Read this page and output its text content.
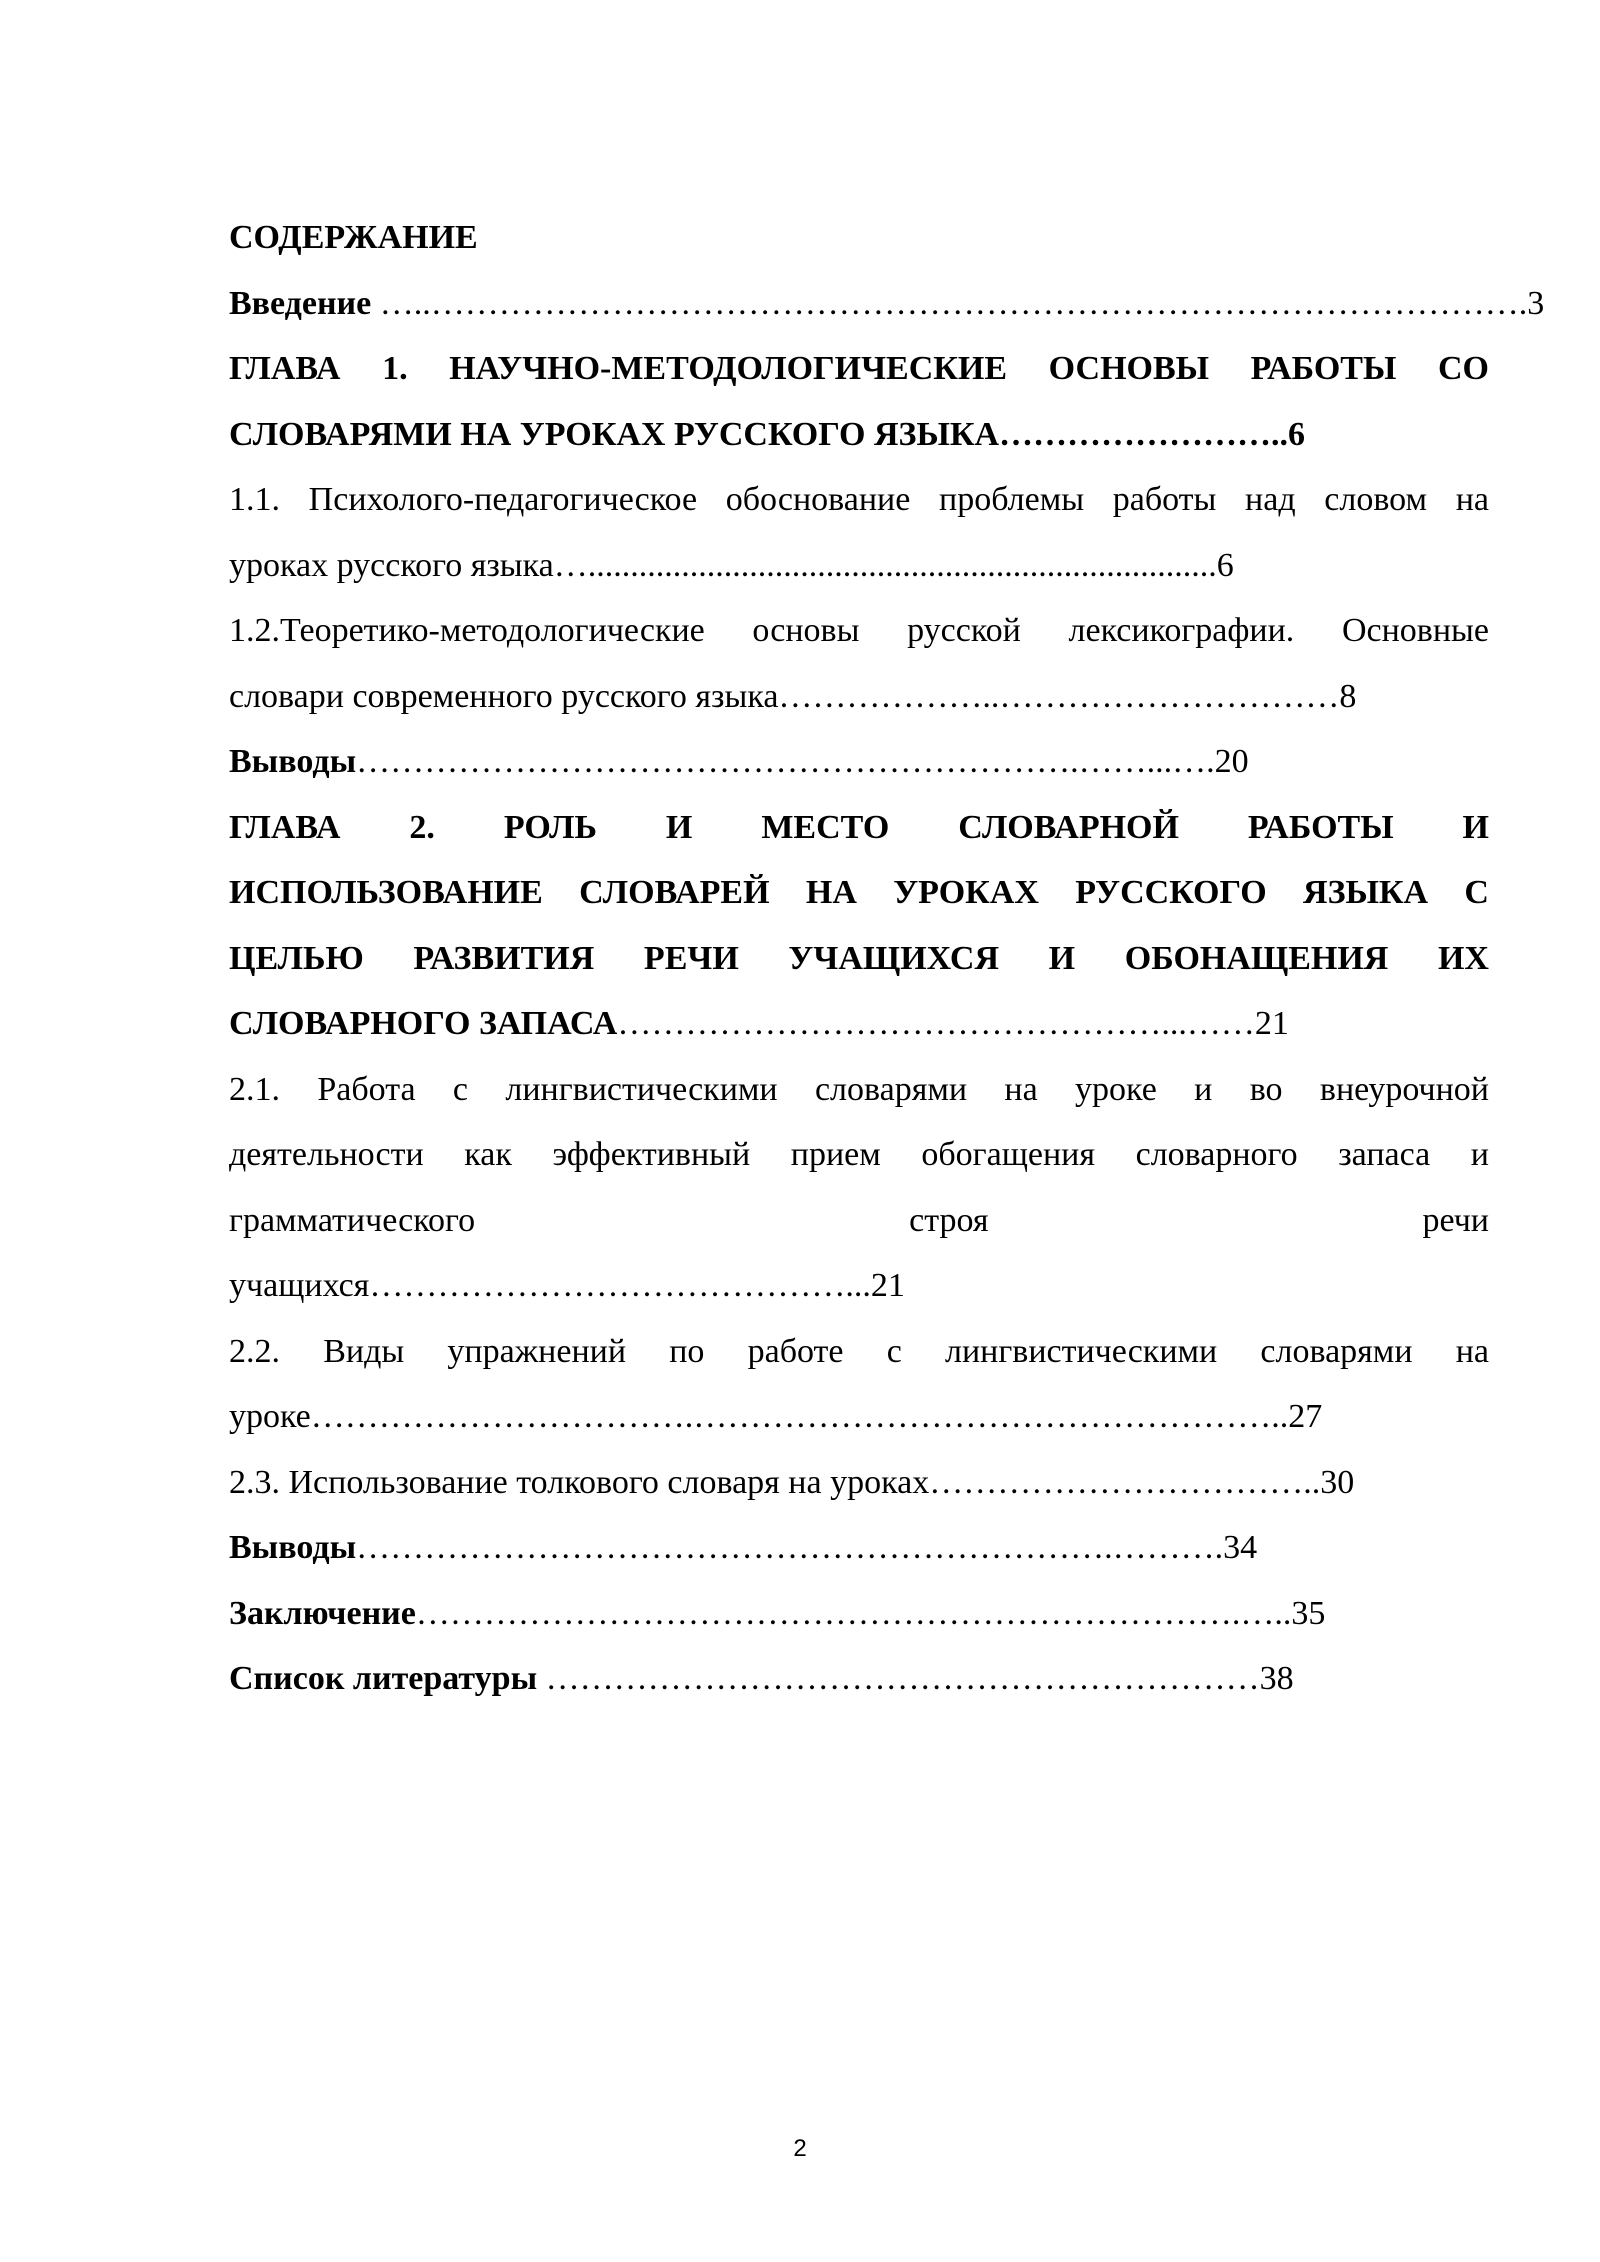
СОДЕРЖАНИЕ
Введение …..…………………………………………………………………………………….3
ГЛАВА 1. НАУЧНО-МЕТОДОЛОГИЧЕСКИЕ ОСНОВЫ РАБОТЫ СО
СЛОВАРЯМИ НА УРОКАХ РУССКОГО ЯЗЫКА……………………..6
1.1. Психолого-педагогическое обоснование проблемы работы над словом на
уроках русского языка…..........................................................................6
1.2.Теоретико-методологические основы русской лексикографии. Основные
словари современного русского языка………………..…………………………8
Выводы……………………………………………………….……...….20
ГЛАВА 2. РОЛЬ И МЕСТО СЛОВАРНОЙ РАБОТЫ И
ИСПОЛЬЗОВАНИЕ СЛОВАРЕЙ НА УРОКАХ РУССКОГО ЯЗЫКА С
ЦЕЛЬЮ РАЗВИТИЯ РЕЧИ УЧАЩИХСЯ И ОБОНАЩЕНИЯ ИХ
СЛОВАРНОГО ЗАПАСА…………………………………………...……21
2.1. Работа с лингвистическими словарями на уроке и во внеурочной
деятельности как эффективный прием обогащения словарного запаса и
грамматического строя речи
учащихся……………………………………...21
2.2. Виды упражнений по работе с лингвистическими словарями на
уроке…………………………….……………………………………………..27
2.3. Использование толкового словаря на уроках……………………………..30
Выводы………………………………………………………….……….34
Заключение……………………………………………………………….…..35
Список литературы ………………………………………………………38
2
